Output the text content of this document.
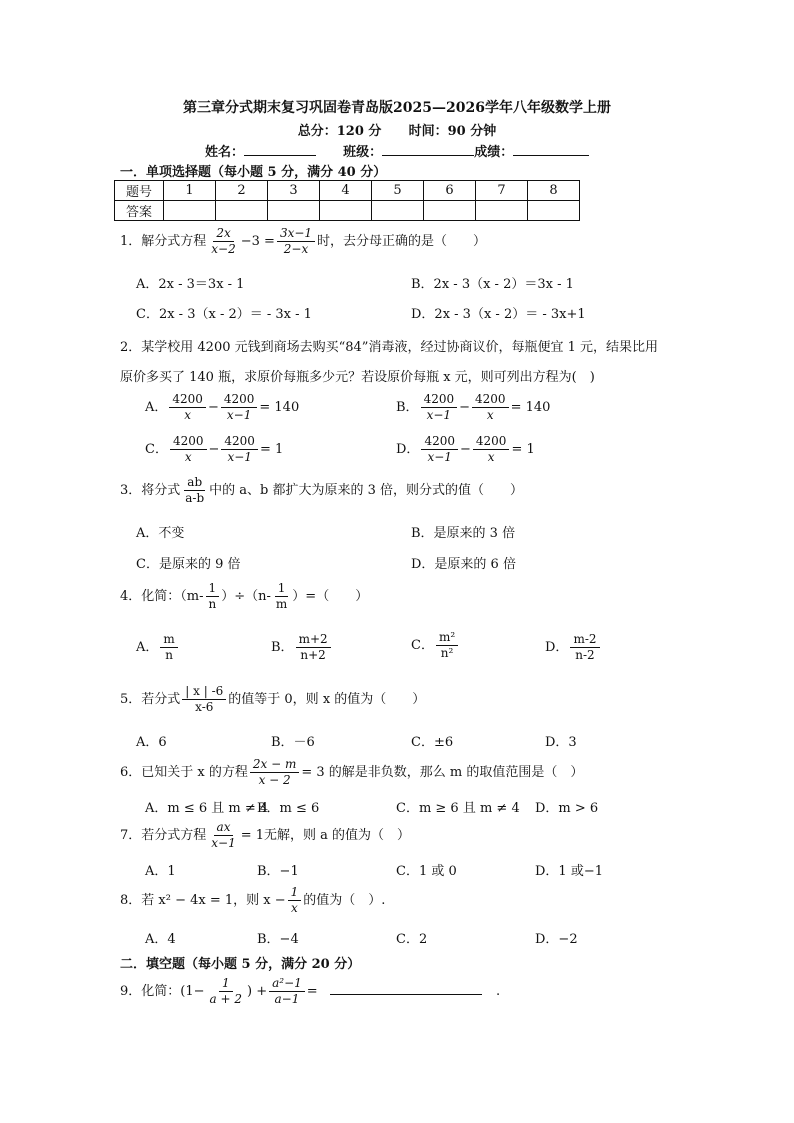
第三章分式期末复习巩固卷青岛版2025—2026学年八年级数学上册
总分：120 分 时间：90 分钟
姓名：	班级：	成绩：
一．单项选择题（每小题 5 分，满分 40 分）
题号	1	2	3	4	5	6	7	8
答案								
1．解分式方程 $\frac{2x}{x-2} -3 = \frac{3x-1}{2-x}$ 时，去分母正确的是（　　）
A．2x - 3＝3x - 1	B．2x - 3（x - 2）＝3x - 1
C．2x - 3（x - 2）＝ - 3x - 1	D．2x - 3（x - 2）＝ - 3x+1
2．某学校用 4200 元钱到商场去购买“84”消毒液，经过协商议价，每瓶便宜 1 元，结果比用
原价多买了 140 瓶，求原价每瓶多少元？若设原价每瓶 x 元，则可列出方程为(　)
A． $\frac{4200}{x} - \frac{4200}{x-1} = 140$	B． $\frac{4200}{x-1} - \frac{4200}{x} = 140$
C． $\frac{4200}{x} - \frac{4200}{x-1} = 1$	D． $\frac{4200}{x-1} - \frac{4200}{x} = 1$
3．将分式 $\frac{ab}{a-b}$ 中的 a、b 都扩大为原来的 3 倍，则分式的值（　　）
A．不变	B．是原来的 3 倍
C．是原来的 9 倍	D．是原来的 6 倍
4．化简：$(m- \frac{1}{n} )\div(n- \frac{1}{m}$ ）=（　　）
A． $\frac{m}{n}$	B． $\frac{m+2}{n+2}$	C． $\frac{\text{m²}}{\text{n²}}$	D． $\frac{m-2}{n-2}$
5．若分式 $\frac{| x | -6}{x-6}$ 的值等于 0，则 x 的值为（　　）
A．6	B．－6	C．±6	D．3
6．已知关于 x 的方程 $\frac{2x - m}{x - 2} = 3$ 的解是非负数，那么 m 的取值范围是（　）
A．m ≤ 6 且 m ≠ 4
B．m ≤ 6	C．m ≥ 6 且 m ≠ 4 D．m > 6
7．若分式方程 $\frac{ax}{x-1} = 1$无解，则 a 的值为（　）
A．1	B．−1	C．1 或 0	D．1 或−1
8．若 x² − 4x = 1，则 $x - \frac{1}{x}$ 的值为（　）.
A．4	B．−4	C．2	D．−2
二．填空题（每小题 5 分，满分 20 分）
9．化简：($1- \frac{1}{a + 2}$ ) + $\frac{\text{a²−1}}{a-1}$ =	.
